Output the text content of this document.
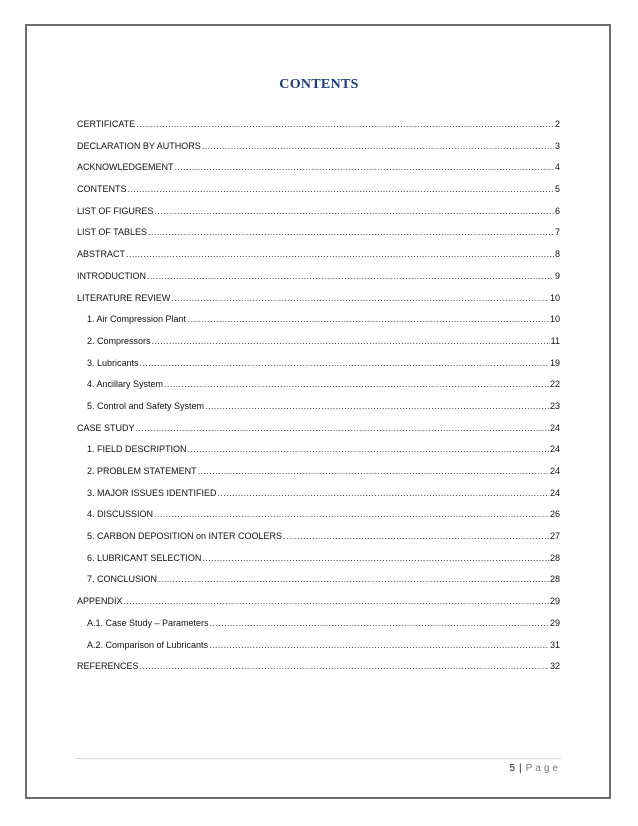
CONTENTS
CERTIFICATE .....	2
DECLARATION BY AUTHORS .....	3
ACKNOWLEDGEMENT .....	4
CONTENTS .....	5
LIST OF FIGURES .....	6
LIST OF TABLES .....	7
ABSTRACT .....	8
INTRODUCTION .....	9
LITERATURE REVIEW .....	10
1. Air Compression Plant .....	10
2. Compressors .....	11
3. Lubricants .....	19
4. Ancillary System .....	22
5. Control and Safety System .....	23
CASE STUDY .....	24
1. FIELD DESCRIPTION .....	24
2. PROBLEM STATEMENT .....	24
3. MAJOR ISSUES IDENTIFIED .....	24
4. DISCUSSION .....	26
5. CARBON DEPOSITION on INTER COOLERS .....	27
6. LUBRICANT SELECTION .....	28
7. CONCLUSION .....	28
APPENDIX .....	29
A.1. Case Study – Parameters .....	29
A.2. Comparison of Lubricants .....	31
REFERENCES .....	32
5 | Page
